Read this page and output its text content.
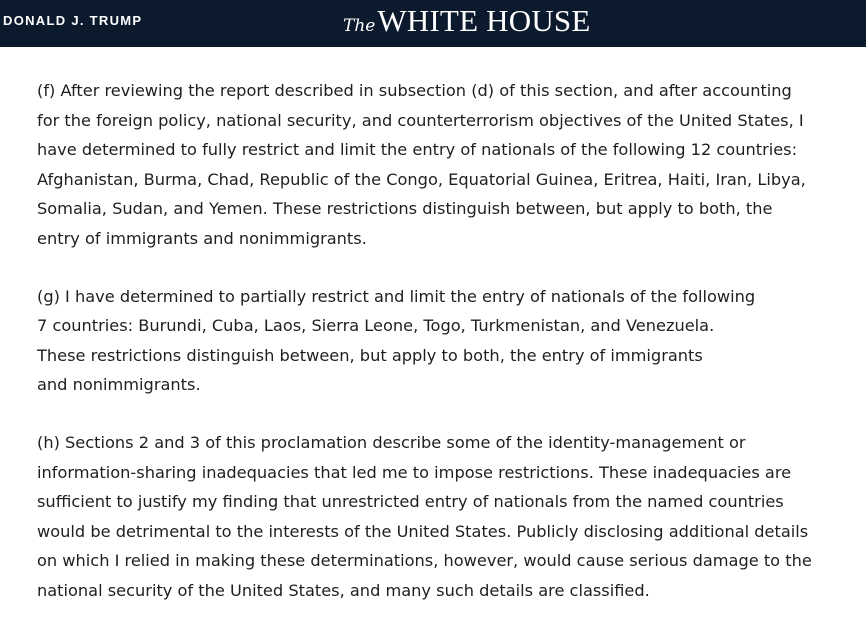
DONALD J. TRUMP	TheWHITE HOUSE

(f) After reviewing the report described in subsection (d) of this section, and after accounting
for the foreign policy, national security, and counterterrorism objectives of the United States, I
have determined to fully restrict and limit the entry of nationals of the following 12 countries:
Afghanistan, Burma, Chad, Republic of the Congo, Equatorial Guinea, Eritrea, Haiti, Iran, Libya,
Somalia, Sudan, and Yemen. These restrictions distinguish between, but apply to both, the
entry of immigrants and nonimmigrants.

(g) I have determined to partially restrict and limit the entry of nationals of the following
7 countries: Burundi, Cuba, Laos, Sierra Leone, Togo, Turkmenistan, and Venezuela.
These restrictions distinguish between, but apply to both, the entry of immigrants
and nonimmigrants.

(h) Sections 2 and 3 of this proclamation describe some of the identity-management or
information-sharing inadequacies that led me to impose restrictions. These inadequacies are
sufficient to justify my finding that unrestricted entry of nationals from the named countries
would be detrimental to the interests of the United States. Publicly disclosing additional details
on which I relied in making these determinations, however, would cause serious damage to the
national security of the United States, and many such details are classified.
